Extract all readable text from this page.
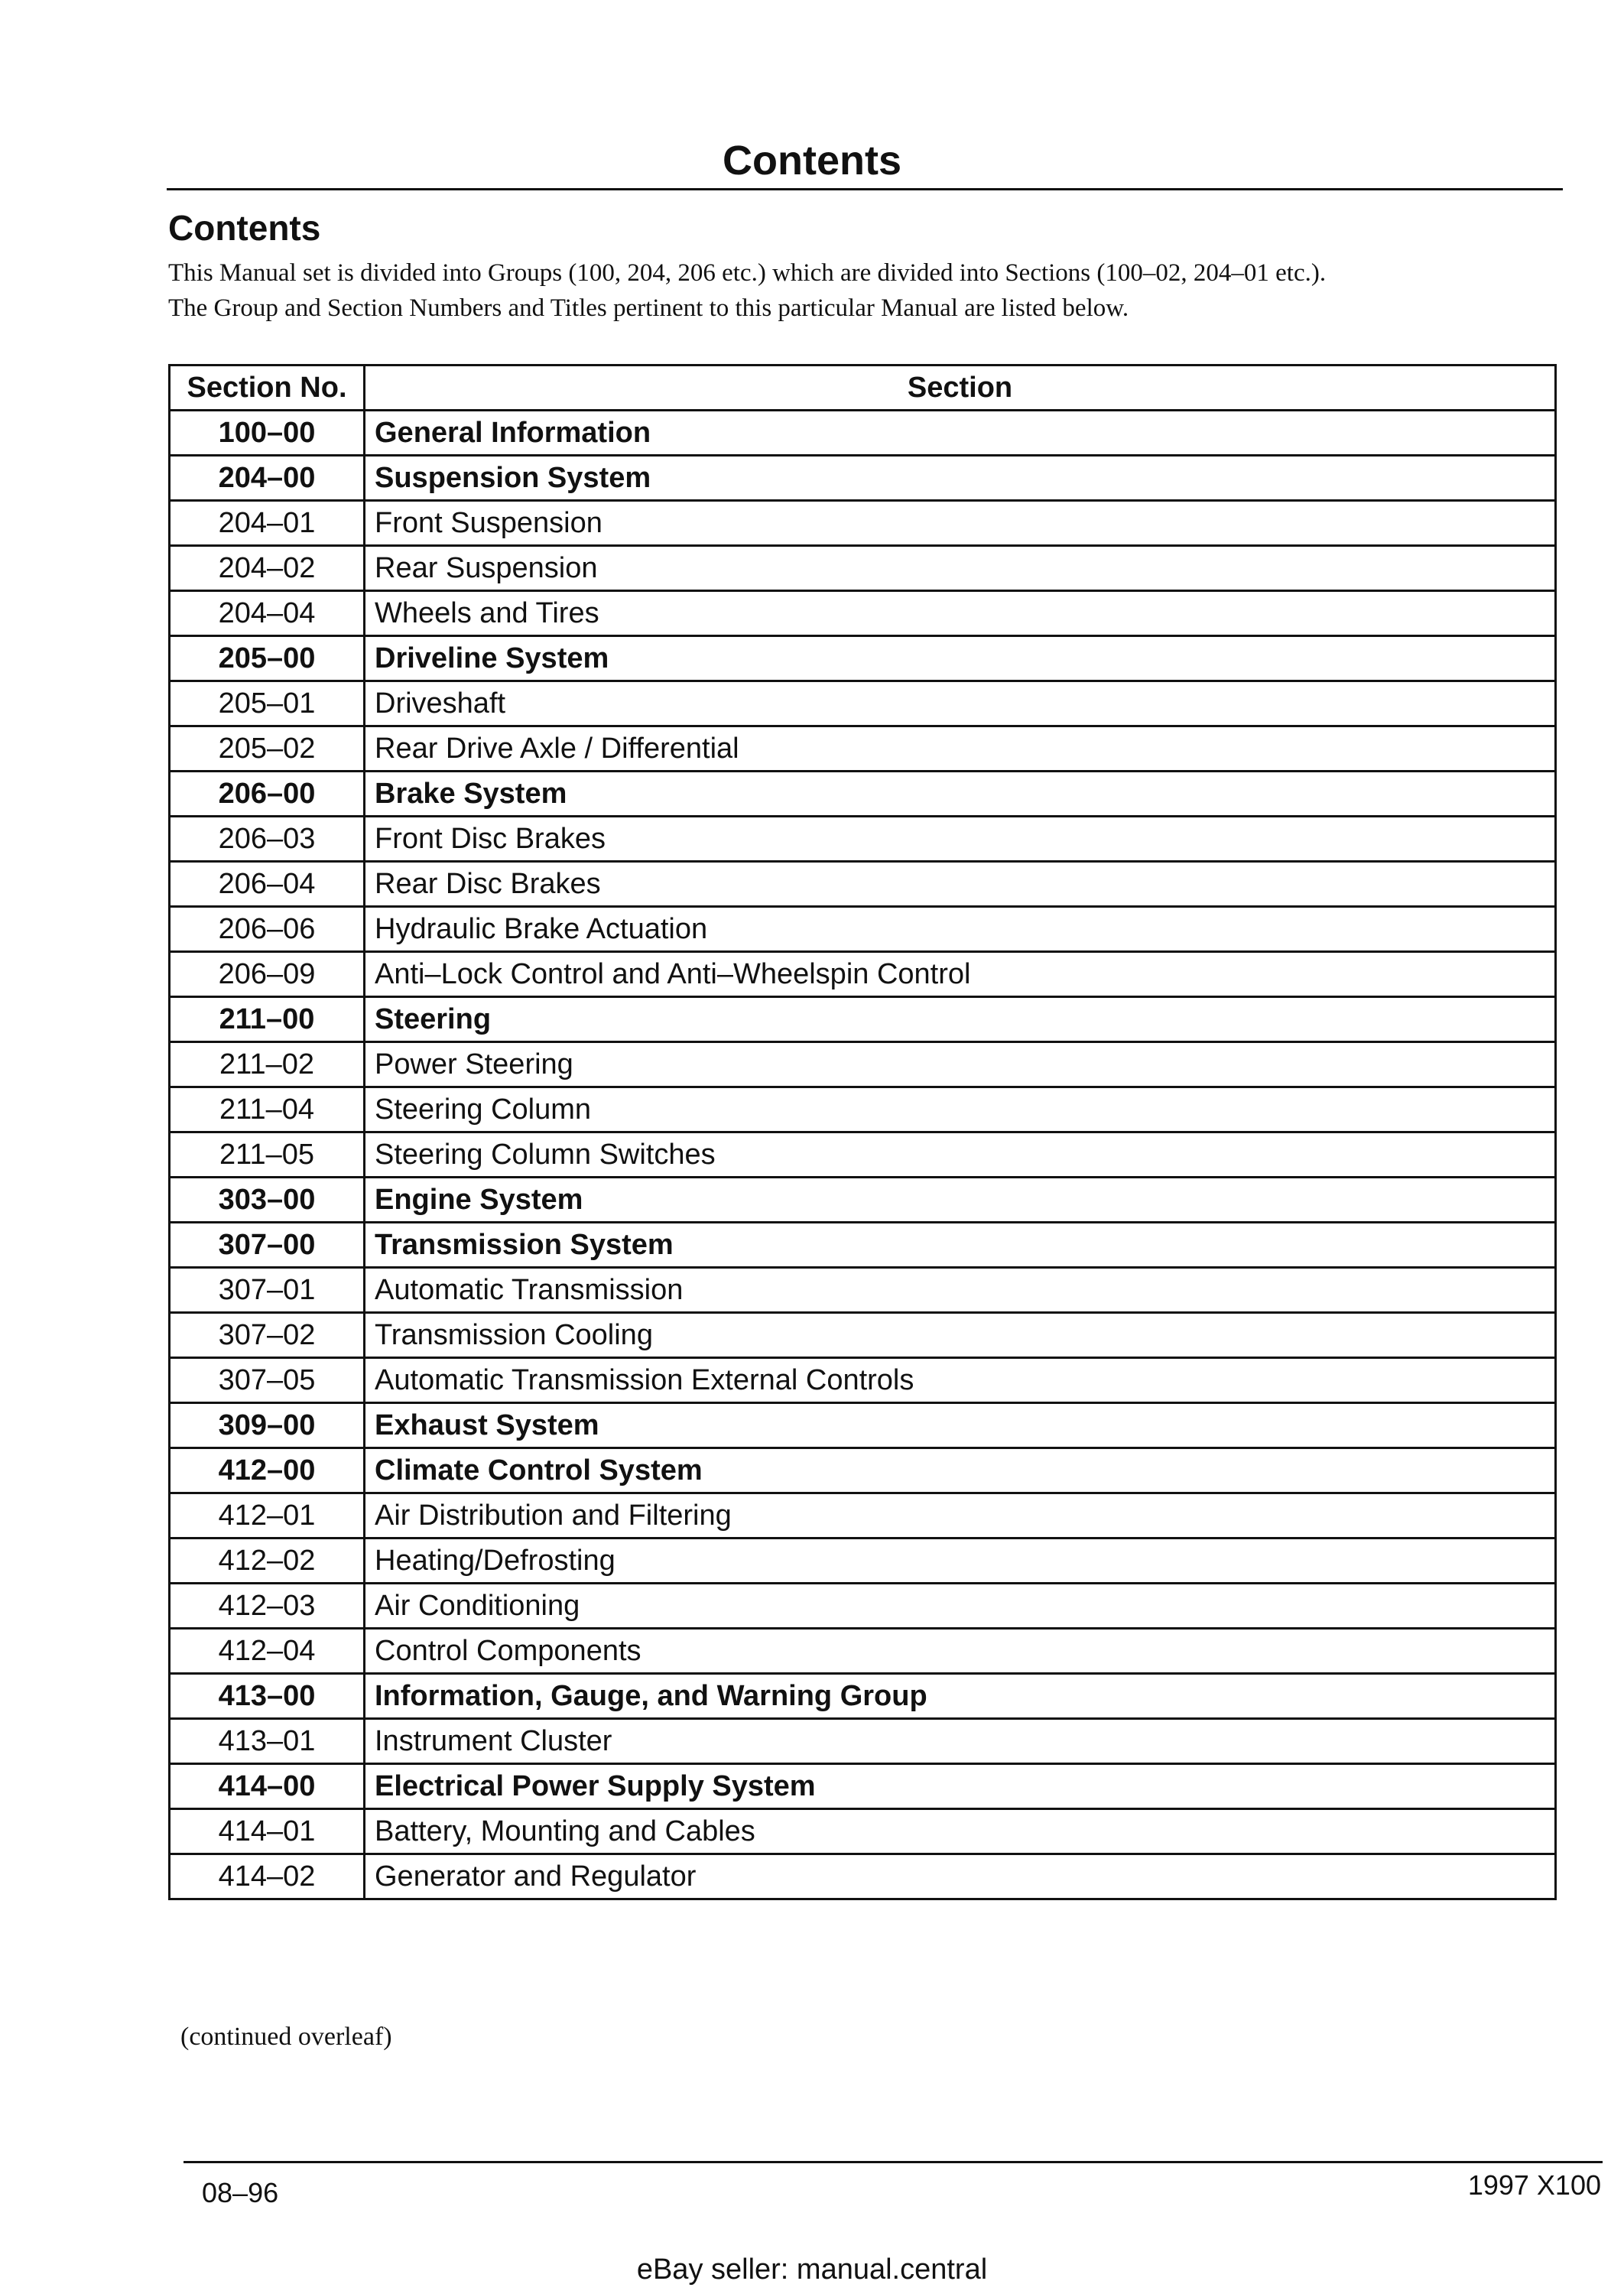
Contents
Contents

This Manual set is divided into Groups (100, 204, 206 etc.) which are divided into Sections (100–02, 204–01 etc.).
The Group and Section Numbers and Titles pertinent to this particular Manual are listed below.

Section No.	Section
100–00	General Information
204–00	Suspension System
204–01	Front Suspension
204–02	Rear Suspension
204–04	Wheels and Tires
205–00	Driveline System
205–01	Driveshaft
205–02	Rear Drive Axle / Differential
206–00	Brake System
206–03	Front Disc Brakes
206–04	Rear Disc Brakes
206–06	Hydraulic Brake Actuation
206–09	Anti–Lock Control and Anti–Wheelspin Control
211–00	Steering
211–02	Power Steering
211–04	Steering Column
211–05	Steering Column Switches
303–00	Engine System
307–00	Transmission System
307–01	Automatic Transmission
307–02	Transmission Cooling
307–05	Automatic Transmission External Controls
309–00	Exhaust System
412–00	Climate Control System
412–01	Air Distribution and Filtering
412–02	Heating/Defrosting
412–03	Air Conditioning
412–04	Control Components
413–00	Information, Gauge, and Warning Group
413–01	Instrument Cluster
414–00	Electrical Power Supply System
414–01	Battery, Mounting and Cables
414–02	Generator and Regulator

(continued overleaf)

08–96	1997 X100
eBay seller: manual.central
